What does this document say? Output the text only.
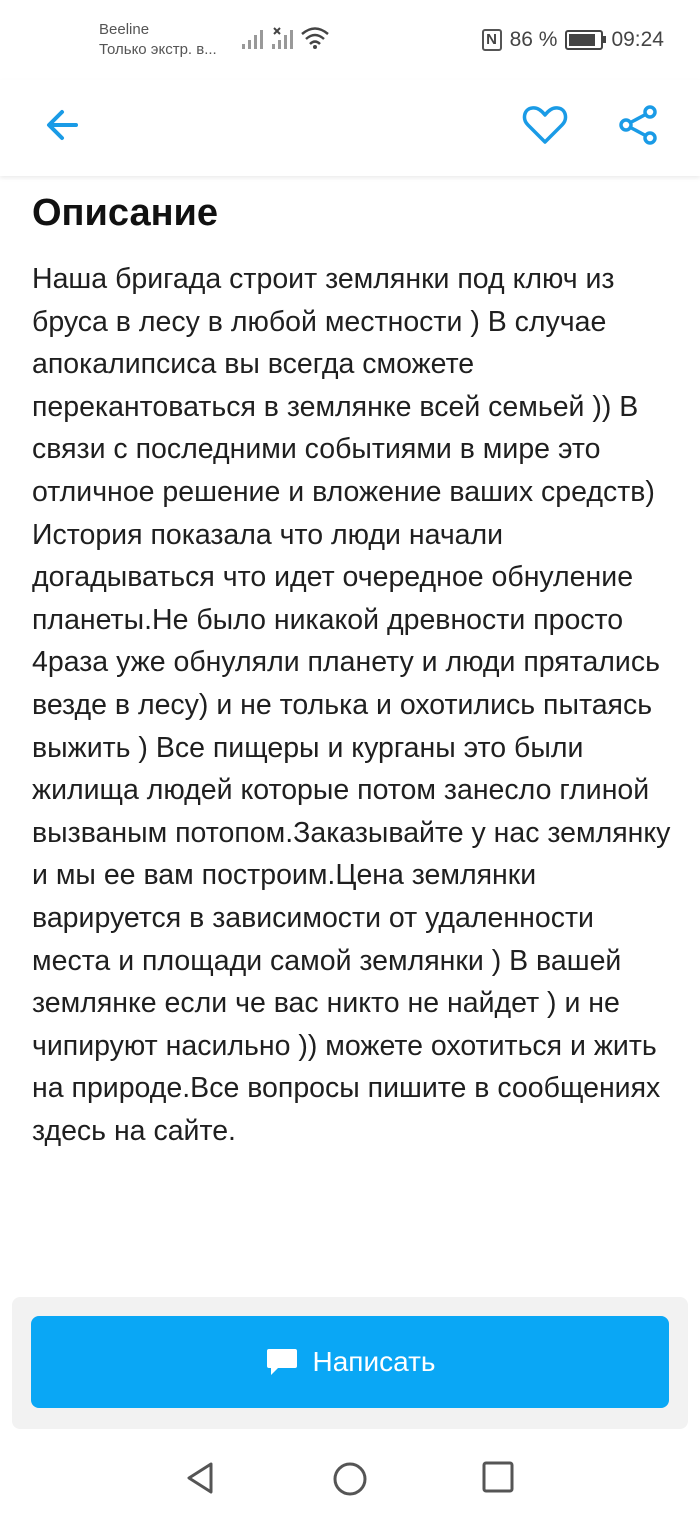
Beeline
Только экстр. в...
N 86 %	09:24
Описание
Наша бригада строит землянки под ключ из бруса в лесу в любой местности ) В случае апокалипсиса вы всегда сможете перекантоваться в землянке всей семьей )) В связи с последними событиями в мире это отличное решение и вложение ваших средств) История показала что люди начали догадываться что идет очередное обнуление планеты.Не было никакой древности просто 4раза уже обнуляли планету и люди прятались везде в лесу) и не толька и охотились пытаясь выжить ) Все пищеры и курганы это были жилища людей которые потом занесло глиной вызваным потопом.Заказывайте у нас землянку и мы ее вам построим.Цена землянки варируется в зависимости от удаленности места и площади самой землянки ) В вашей землянке если че вас никто не найдет ) и не чипируют насильно )) можете охотиться и жить на природе.Все вопросы пишите в сообщениях здесь на сайте.
Написать
